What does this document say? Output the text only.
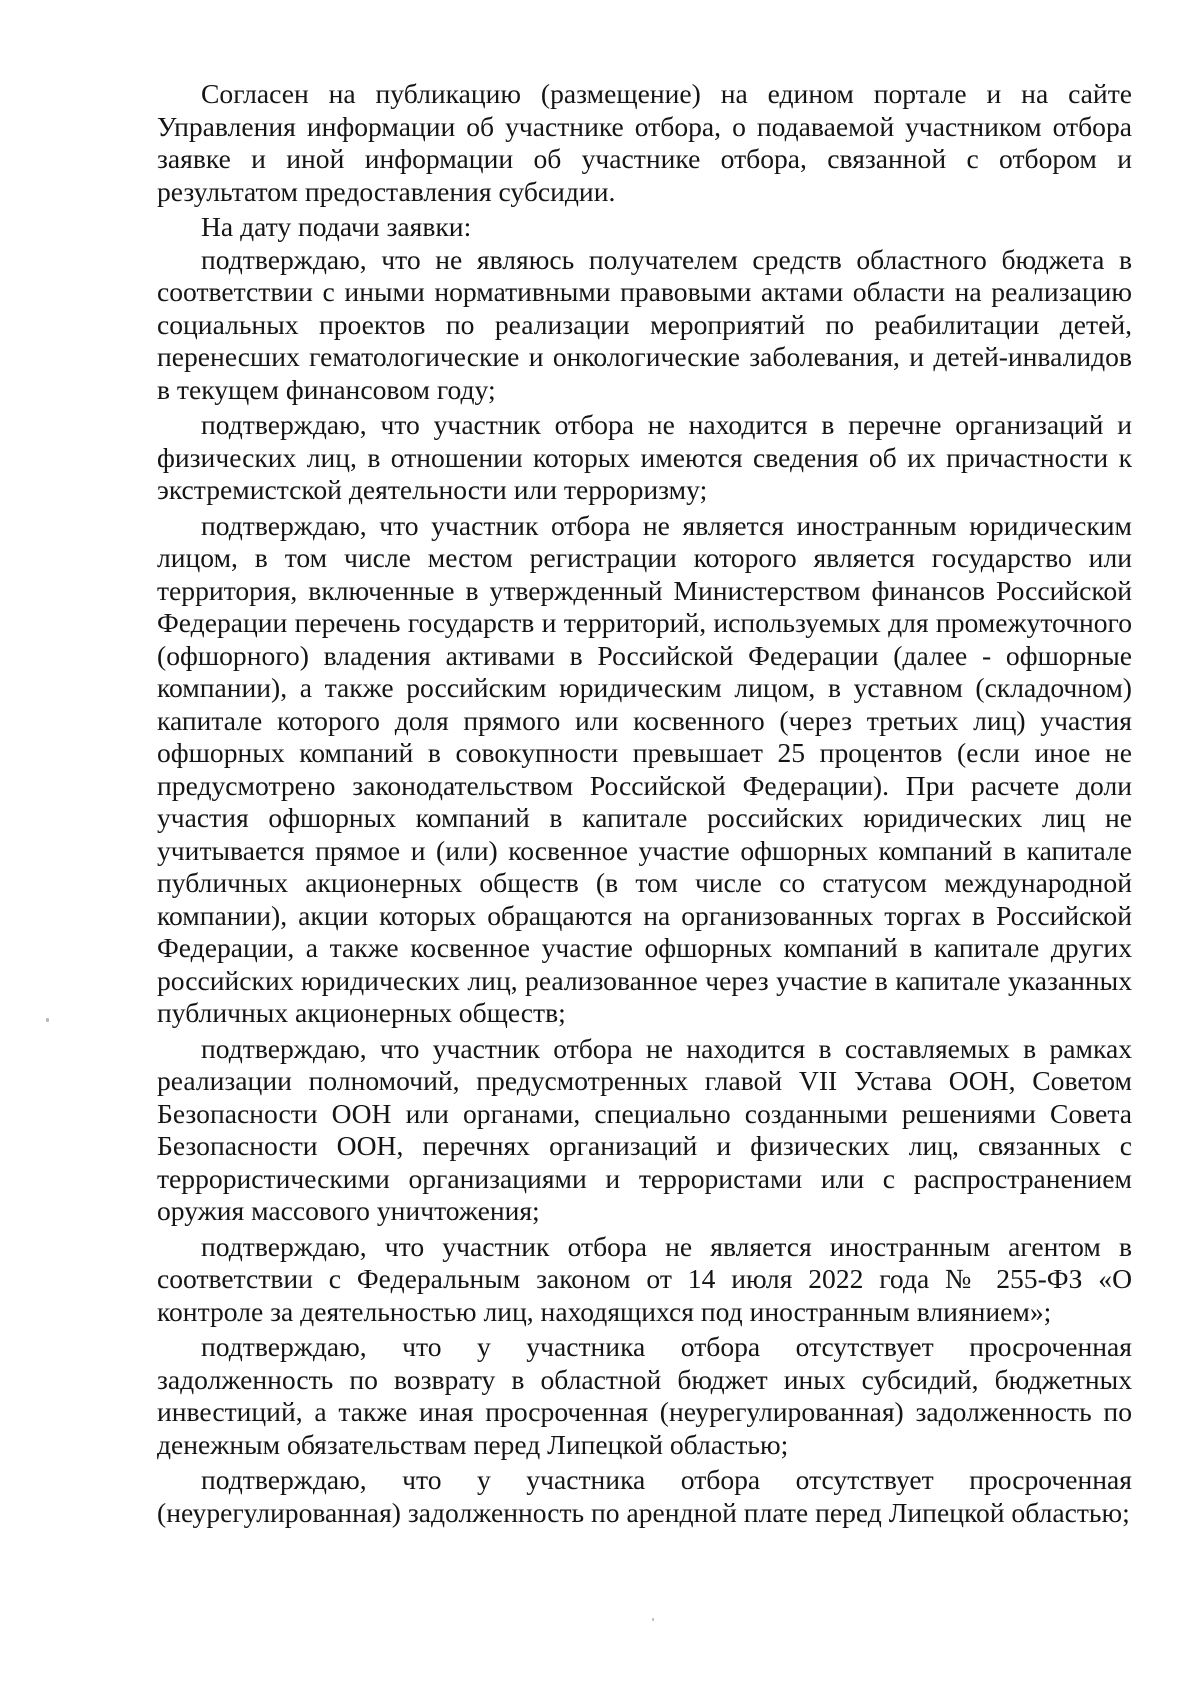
Согласен на публикацию (размещение) на едином портале и на сайте Управления информации об участнике отбора, о подаваемой участником отбора заявке и иной информации об участнике отбора, связанной с отбором и результатом предоставления субсидии.

На дату подачи заявки:

подтверждаю, что не являюсь получателем средств областного бюджета в соответствии с иными нормативными правовыми актами области на реализацию социальных проектов по реализации мероприятий по реабилитации детей, перенесших гематологические и онкологические заболевания, и детей-инвалидов в текущем финансовом году;

подтверждаю, что участник отбора не находится в перечне организаций и физических лиц, в отношении которых имеются сведения об их причастности к экстремистской деятельности или терроризму;

подтверждаю, что участник отбора не является иностранным юридическим лицом, в том числе местом регистрации которого является государство или территория, включенные в утвержденный Министерством финансов Российской Федерации перечень государств и территорий, используемых для промежуточного (офшорного) владения активами в Российской Федерации (далее - офшорные компании), а также российским юридическим лицом, в уставном (складочном) капитале которого доля прямого или косвенного (через третьих лиц) участия офшорных компаний в совокупности превышает 25 процентов (если иное не предусмотрено законодательством Российской Федерации). При расчете доли участия офшорных компаний в капитале российских юридических лиц не учитывается прямое и (или) косвенное участие офшорных компаний в капитале публичных акционерных обществ (в том числе со статусом международной компании), акции которых обращаются на организованных торгах в Российской Федерации, а также косвенное участие офшорных компаний в капитале других российских юридических лиц, реализованное через участие в капитале указанных публичных акционерных обществ;

подтверждаю, что участник отбора не находится в составляемых в рамках реализации полномочий, предусмотренных главой VII Устава ООН, Советом Безопасности ООН или органами, специально созданными решениями Совета Безопасности ООН, перечнях организаций и физических лиц, связанных с террористическими организациями и террористами или с распространением оружия массового уничтожения;

подтверждаю, что участник отбора не является иностранным агентом в соответствии с Федеральным законом от 14 июля 2022 года № 255-ФЗ «О контроле за деятельностью лиц, находящихся под иностранным влиянием»;

подтверждаю, что у участника отбора отсутствует просроченная задолженность по возврату в областной бюджет иных субсидий, бюджетных инвестиций, а также иная просроченная (неурегулированная) задолженность по денежным обязательствам перед Липецкой областью;

подтверждаю, что у участника отбора отсутствует просроченная (неурегулированная) задолженность по арендной плате перед Липецкой областью;
